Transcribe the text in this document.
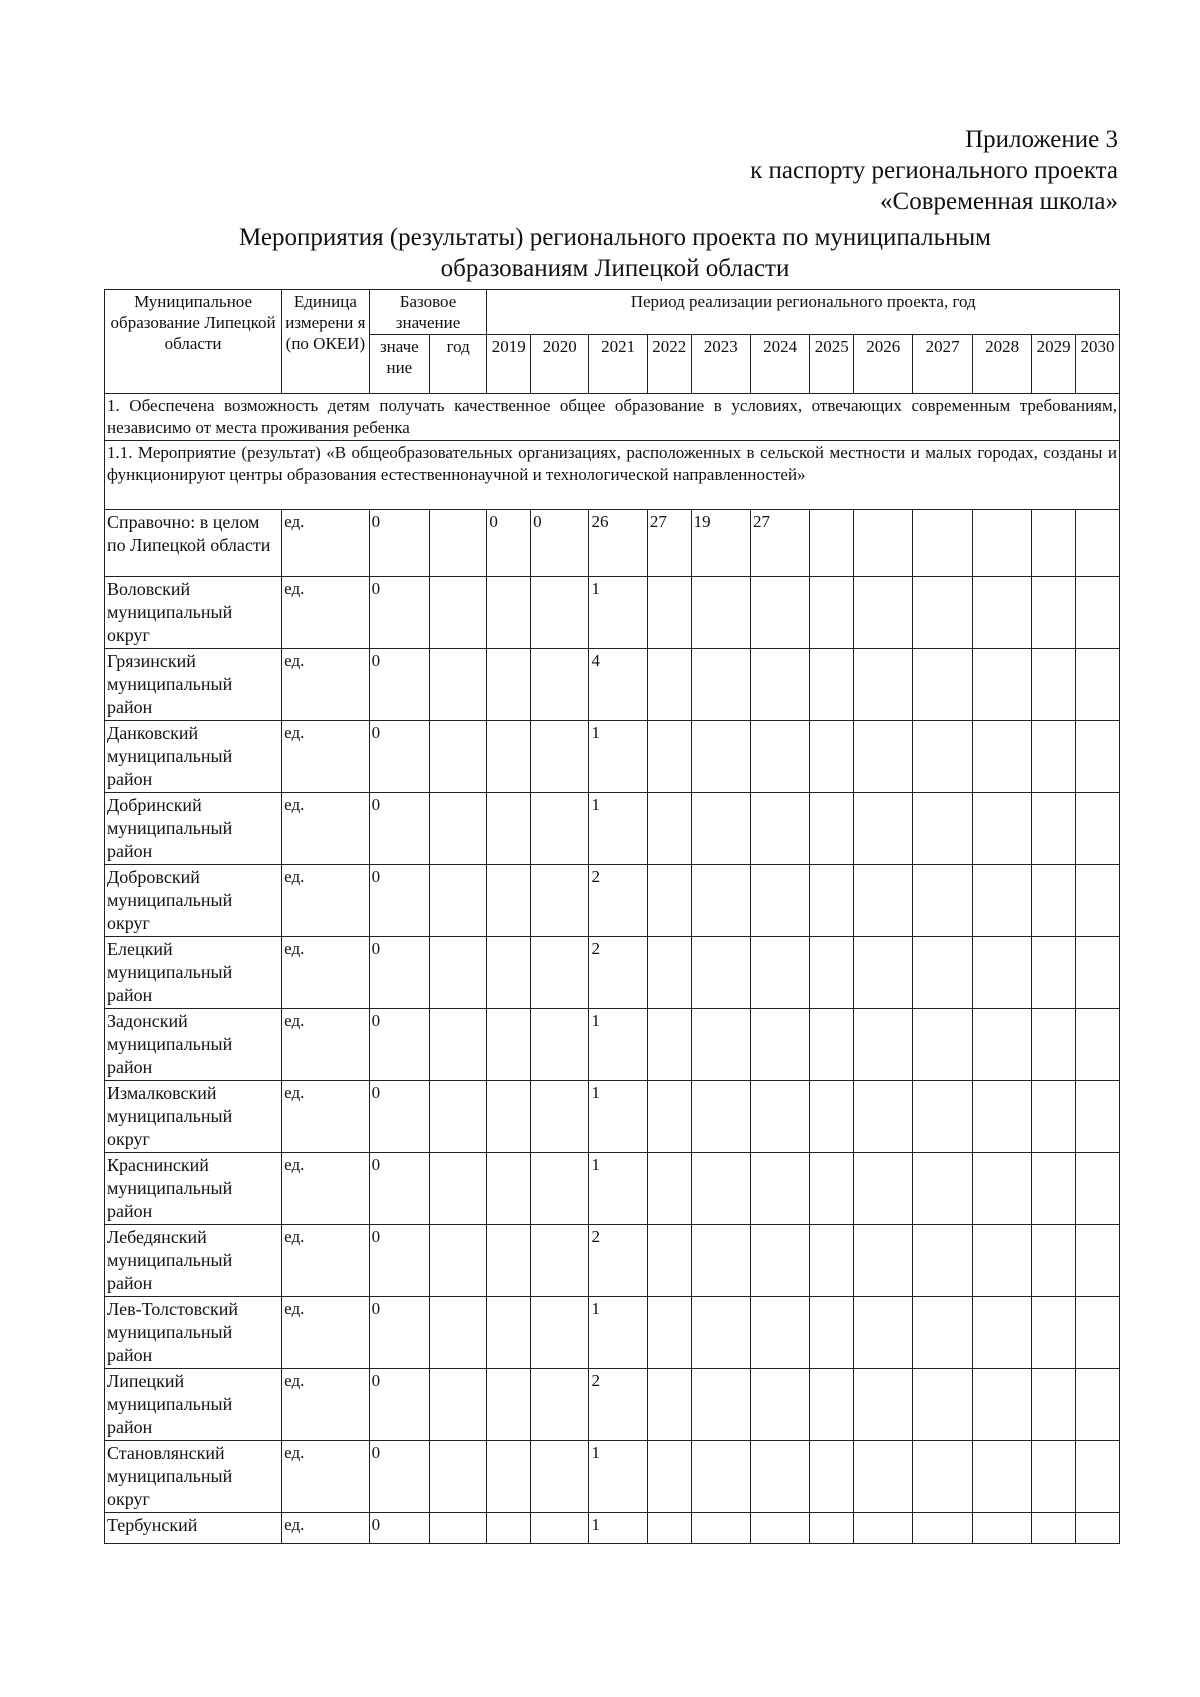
Приложение 3
к паспорту регионального проекта
«Современная школа»
Мероприятия (результаты) регионального проекта по муниципальным
образованиям Липецкой области
Муниципальное образование Липецкой области	Единица измерени я (по ОКЕИ)	Базовое значение		Период реализации регионального проекта, год											
		значе ние	год	2019	2020	2021	2022	2023	2024	2025	2026	2027	2028	2029	2030
1. Обеспечена возможность детям получать качественное общее образование в условиях, отвечающих современным требованиям, независимо от места проживания ребенка															
1.1. Мероприятие (результат) «В общеобразовательных организациях, расположенных в сельской местности и малых городах, созданы и функционируют центры образования естественнонаучной и технологической направленностей»															
Справочно: в целом по Липецкой области	ед.	0		0	0	26	27	19	27						
Воловский муниципальный округ	ед.	0				1									
Грязинский муниципальный район	ед.	0				4									
Данковский муниципальный район	ед.	0				1									
Добринский муниципальный район	ед.	0				1									
Добровский муниципальный округ	ед.	0				2									
Елецкий муниципальный район	ед.	0				2									
Задонский муниципальный район	ед.	0				1									
Измалковский муниципальный округ	ед.	0				1									
Краснинский муниципальный район	ед.	0				1									
Лебедянский муниципальный район	ед.	0				2									
Лев-Толстовский муниципальный район	ед.	0				1									
Липецкий муниципальный район	ед.	0				2									
Становлянский муниципальный округ	ед.	0				1									
Тербунский	ед.	0				1									
